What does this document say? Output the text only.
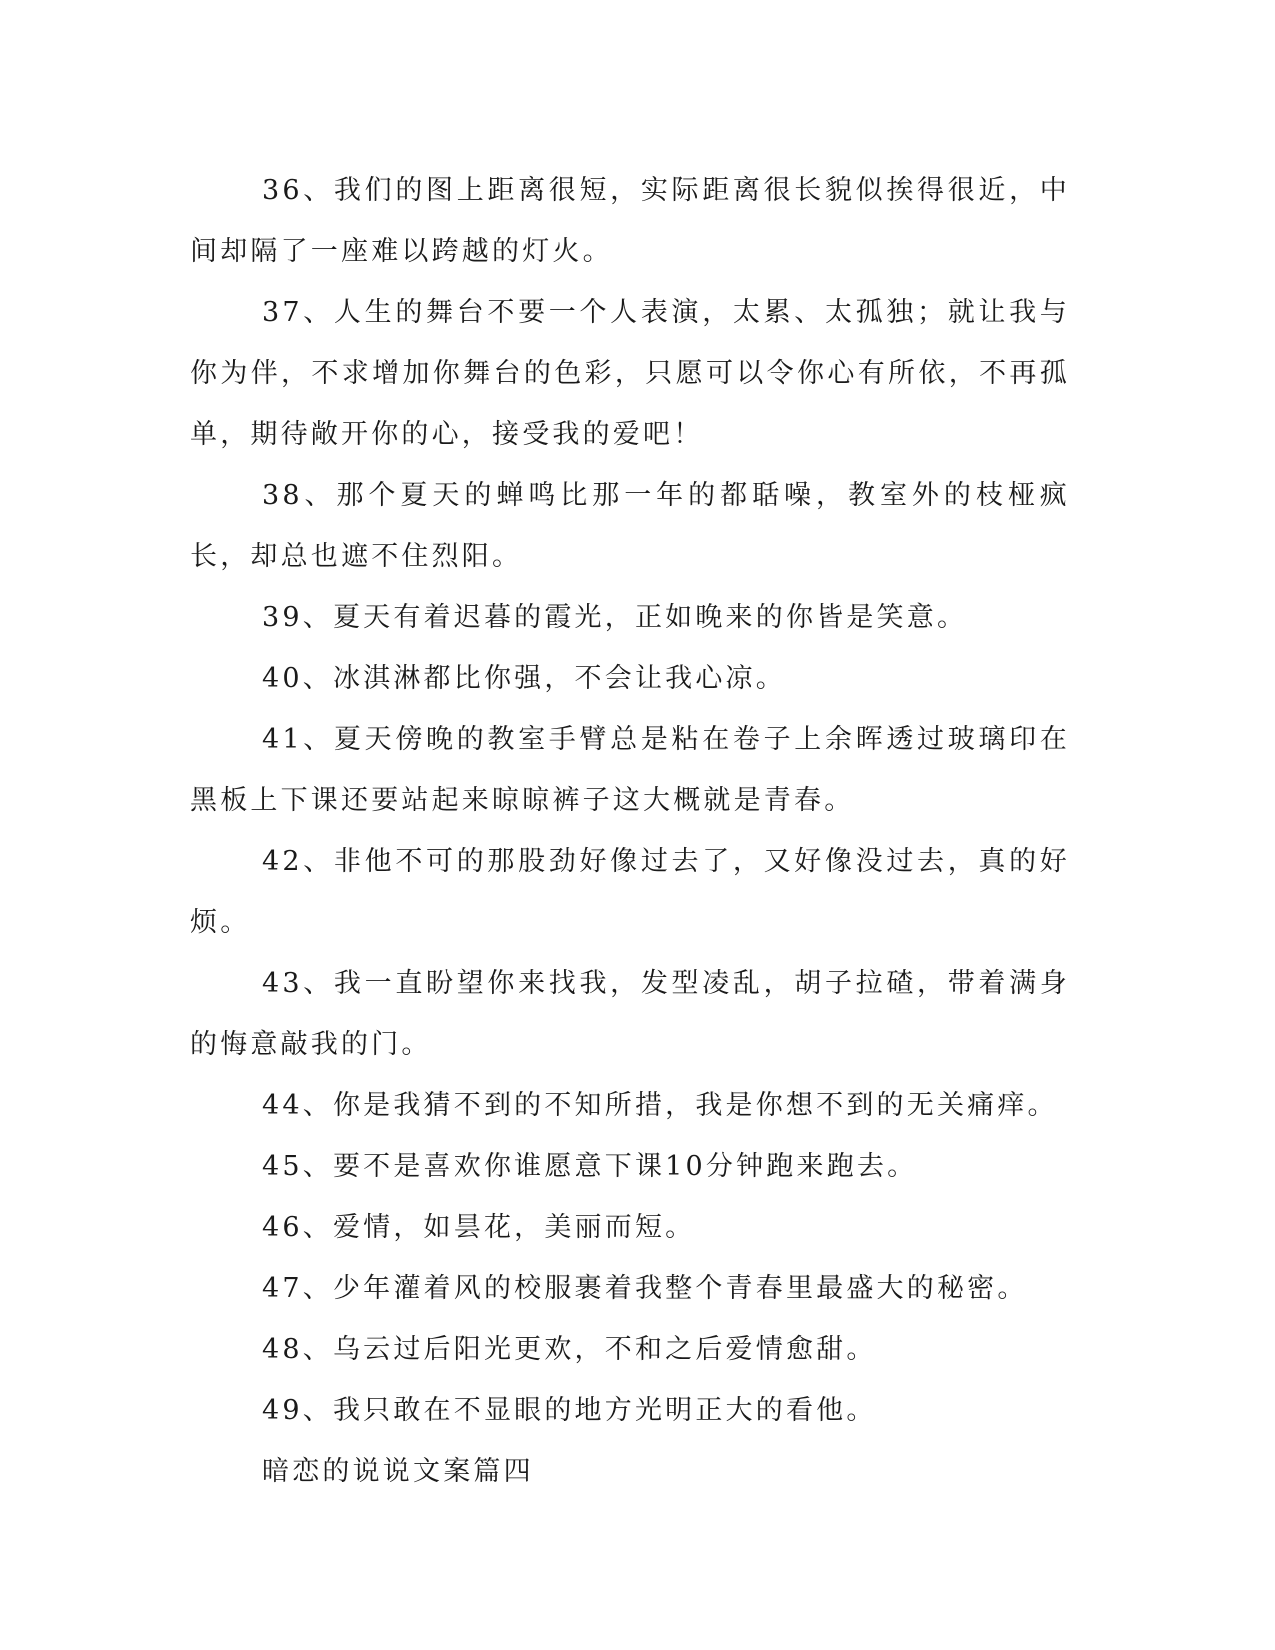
36、我们的图上距离很短，实际距离很长貌似挨得很近，中间却隔了一座难以跨越的灯火。

37、人生的舞台不要一个人表演，太累、太孤独；就让我与你为伴，不求增加你舞台的色彩，只愿可以令你心有所依，不再孤单，期待敞开你的心，接受我的爱吧！

38、那个夏天的蝉鸣比那一年的都聒噪，教室外的枝桠疯长，却总也遮不住烈阳。

39、夏天有着迟暮的霞光，正如晚来的你皆是笑意。

40、冰淇淋都比你强，不会让我心凉。

41、夏天傍晚的教室手臂总是粘在卷子上余晖透过玻璃印在黑板上下课还要站起来晾晾裤子这大概就是青春。

42、非他不可的那股劲好像过去了，又好像没过去，真的好烦。

43、我一直盼望你来找我，发型凌乱，胡子拉碴，带着满身的悔意敲我的门。

44、你是我猜不到的不知所措，我是你想不到的无关痛痒。

45、要不是喜欢你谁愿意下课10分钟跑来跑去。

46、爱情，如昙花，美丽而短。

47、少年灌着风的校服裹着我整个青春里最盛大的秘密。

48、乌云过后阳光更欢，不和之后爱情愈甜。

49、我只敢在不显眼的地方光明正大的看他。

暗恋的说说文案篇四
